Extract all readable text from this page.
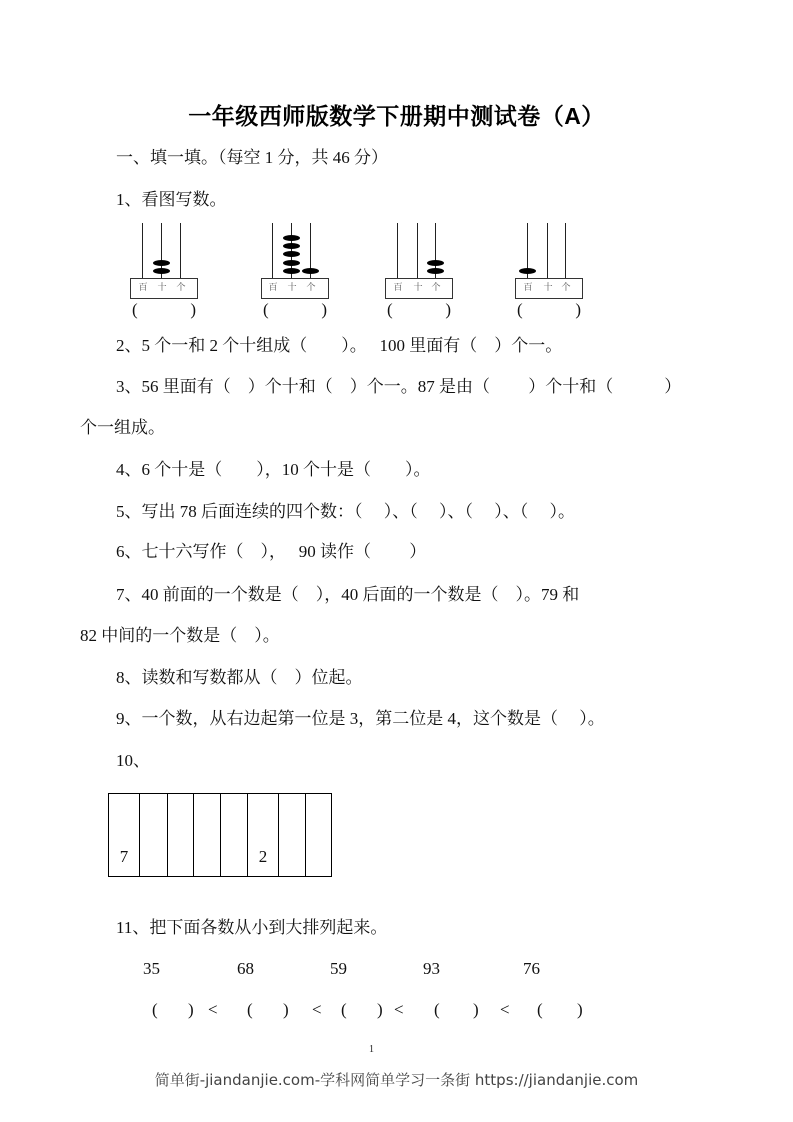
一年级西师版数学下册期中测试卷（A）
一、填一填。（每空 1 分，共 46 分）
1、看图写数。
百 十 个
(	)
百 十 个
(	)
百 十 个
(	)
百 十 个
(	)
2、5 个一和 2 个十组成（　　）。　 100 里面有（　）个一。
3、56 里面有（　）个十和（　）个一。87 是由（　　 ）个十和（　　　）
个一组成。
4、6 个十是（　　），10 个十是（　　）。
5、写出 78 后面连续的四个数：（　 ）、（　 ）、（　 ）、（　 ）。
6、七十六写作（　），　 90 读作（　　 ）
7、40 前面的一个数是（　），40 后面的一个数是（　）。79 和
82 中间的一个数是（　）。
8、读数和写数都从（　）位起。
9、一个数，从右边起第一位是 3，第二位是 4，这个数是（　 ）。
10、
7	2
11、把下面各数从小到大排列起来。
35	68	59	93	76
( ) < ( ) < ( ) < ( ) < ( )
1
简单街-jiandanjie.com-学科网简单学习一条街 https://jiandanjie.com
